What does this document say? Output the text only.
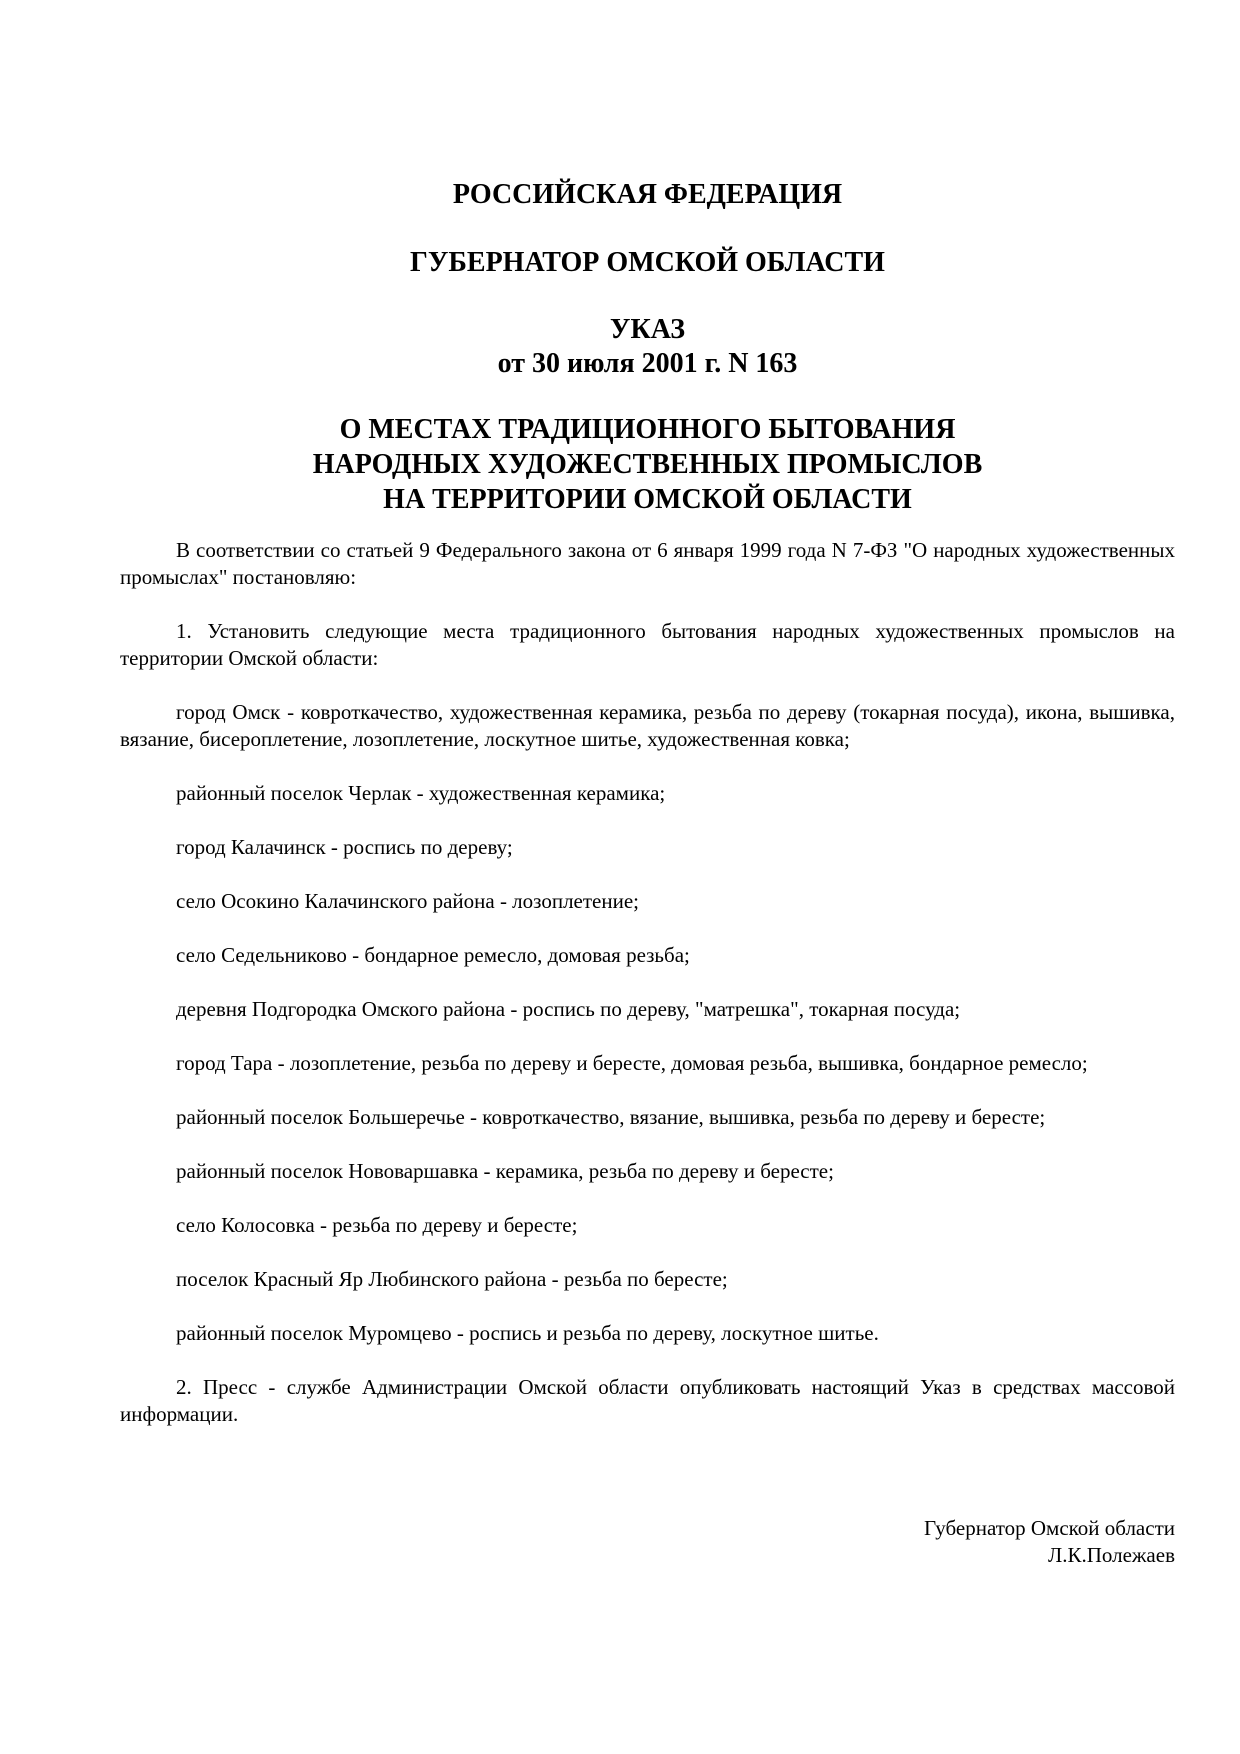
РОССИЙСКАЯ ФЕДЕРАЦИЯ

ГУБЕРНАТОР ОМСКОЙ ОБЛАСТИ

УКАЗ

от 30 июля 2001 г. N 163

О МЕСТАХ ТРАДИЦИОННОГО БЫТОВАНИЯ

НАРОДНЫХ ХУДОЖЕСТВЕННЫХ ПРОМЫСЛОВ

НА ТЕРРИТОРИИ ОМСКОЙ ОБЛАСТИ

В соответствии со статьей 9 Федерального закона от 6 января 1999 года N 7-ФЗ "О народных художественных промыслах" постановляю:

1. Установить следующие места традиционного бытования народных художественных промыслов на территории Омской области:

город Омск - ковроткачество, художественная керамика, резьба по дереву (токарная посуда), икона, вышивка, вязание, бисероплетение, лозоплетение, лоскутное шитье, художественная ковка;

районный поселок Черлак - художественная керамика;

город Калачинск - роспись по дереву;

село Осокино Калачинского района - лозоплетение;

село Седельниково - бондарное ремесло, домовая резьба;

деревня Подгородка Омского района - роспись по дереву, "матрешка", токарная посуда;

город Тара - лозоплетение, резьба по дереву и бересте, домовая резьба, вышивка, бондарное ремесло;

районный поселок Большеречье - ковроткачество, вязание, вышивка, резьба по дереву и бересте;

районный поселок Нововаршавка - керамика, резьба по дереву и бересте;

село Колосовка - резьба по дереву и бересте;

поселок Красный Яр Любинского района - резьба по бересте;

районный поселок Муромцево - роспись и резьба по дереву, лоскутное шитье.

2. Пресс - службе Администрации Омской области опубликовать настоящий Указ в средствах массовой информации.

Губернатор Омской области
Л.К.Полежаев
